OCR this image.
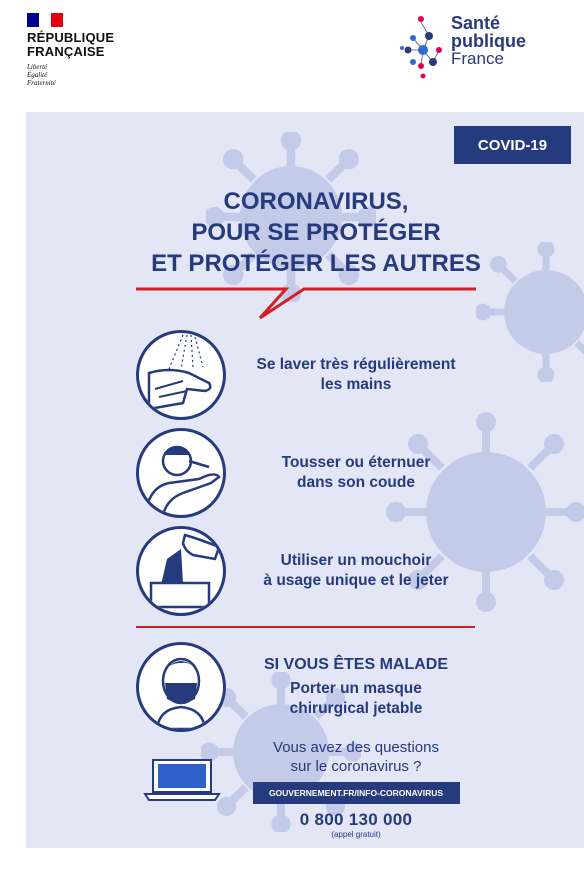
RÉPUBLIQUE
FRANÇAISE
Liberté
Égalité
Fraternité
Santé
publique
France
COVID-19
CORONAVIRUS,
POUR SE PROTÉGER
ET PROTÉGER LES AUTRES
Se laver très régulièrement
les mains
Tousser ou éternuer
dans son coude
Utiliser un mouchoir
à usage unique et le jeter
SI VOUS ÊTES MALADE
Porter un masque
chirurgical jetable
Vous avez des questions
sur le coronavirus ?
GOUVERNEMENT.FR/INFO-CORONAVIRUS
0 800 130 000
(appel gratuit)
